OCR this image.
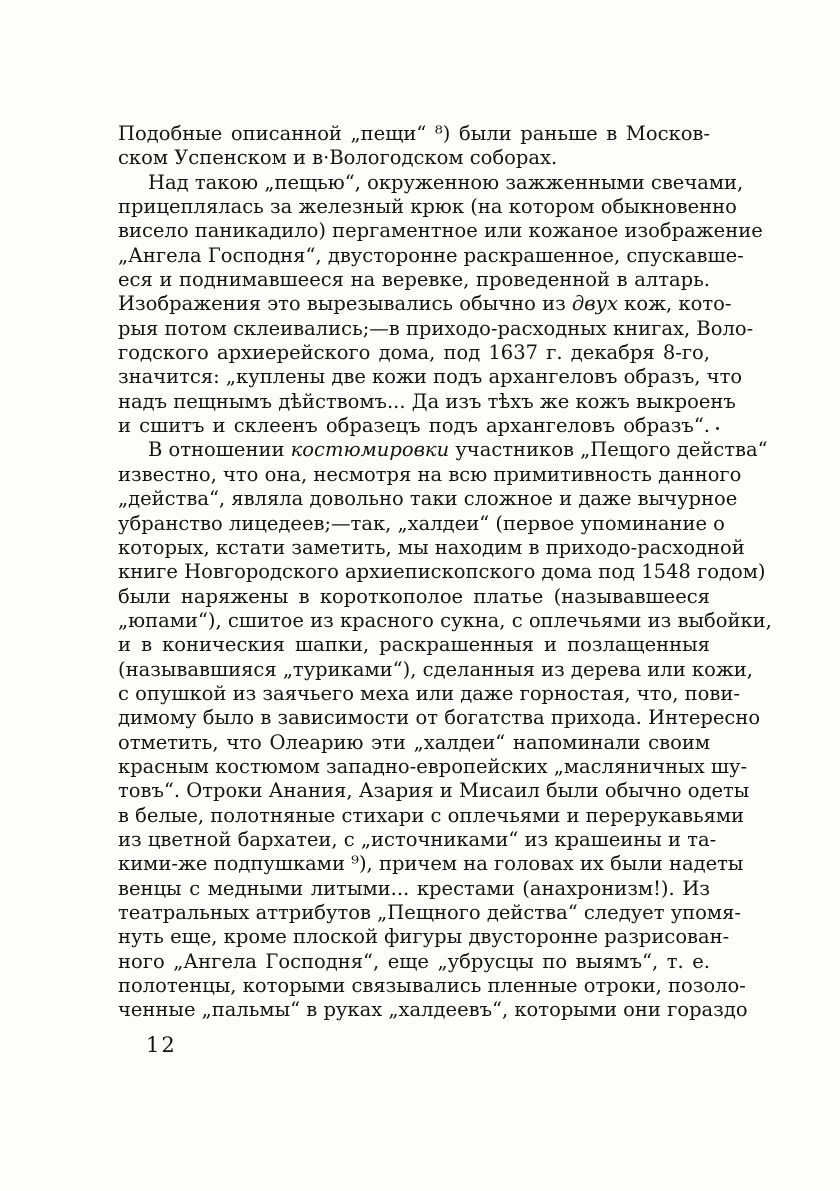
Подобные описанной „пещи“ ⁸) были раньше в Москов-
ском Успенском и в·Вологодском соборах.
Над такою „пещью“, окруженною зажженными свечами,
прицеплялась за железный крюк (на котором обыкновенно
висело паникадило) пергаментное или кожаное изображение
„Ангела Господня“, двусторонне раскрашенное, спускавше-
еся и поднимавшееся на веревке, проведенной в алтарь.
Изображения это вырезывались обычно из двух кож, кото-
рыя потом склеивались;—в приходо-расходных книгах, Воло-
годского архиерейского дома, под 1637 г. декабря 8-го,
значится: „куплены две кожи подъ архангеловъ образъ, что
надъ пещнымъ дѣйствомъ... Да изъ тѣхъ же кожъ выкроенъ
и сшитъ и склеенъ образецъ подъ архангеловъ образъ“.
В отношении костюмировки участников „Пещого действа“
известно, что она, несмотря на всю примитивность данного
„действа“, являла довольно таки сложное и даже вычурное
убранство лицедеев;—так, „халдеи“ (первое упоминание о
которых, кстати заметить, мы находим в приходо-расходной
книге Новгородского архиепископского дома под 1548 годом)
были наряжены в короткополое платье (называвшееся
„юпами“), сшитое из красного сукна, с оплечьями из выбойки,
и в коническия шапки, раскрашенныя и позлащенныя
(называвшияся „туриками“), сделанныя из дерева или кожи,
с опушкой из заячьего меха или даже горностая, что, пови-
димому было в зависимости от богатства прихода. Интересно
отметить, что Олеарию эти „халдеи“ напоминали своим
красным костюмом западно-европейских „масляничных шу-
товъ“. Отроки Анания, Азария и Мисаил были обычно одеты
в белые, полотняные стихари с оплечьями и перерукавьями
из цветной бархатеи, с „источниками“ из крашеины и та-
кими-же подпушками ⁹), причем на головах их были надеты
венцы с медными литыми... крестами (анахронизм!). Из
театральных аттрибутов „Пещного действа“ следует упомя-
нуть еще, кроме плоской фигуры двусторонне разрисован-
ного „Ангела Господня“, еще „убрусцы по выямъ“, т. е.
полотенцы, которыми связывались пленные отроки, позоло-
ченные „пальмы“ в руках „халдеевъ“, которыми они гораздо
12
